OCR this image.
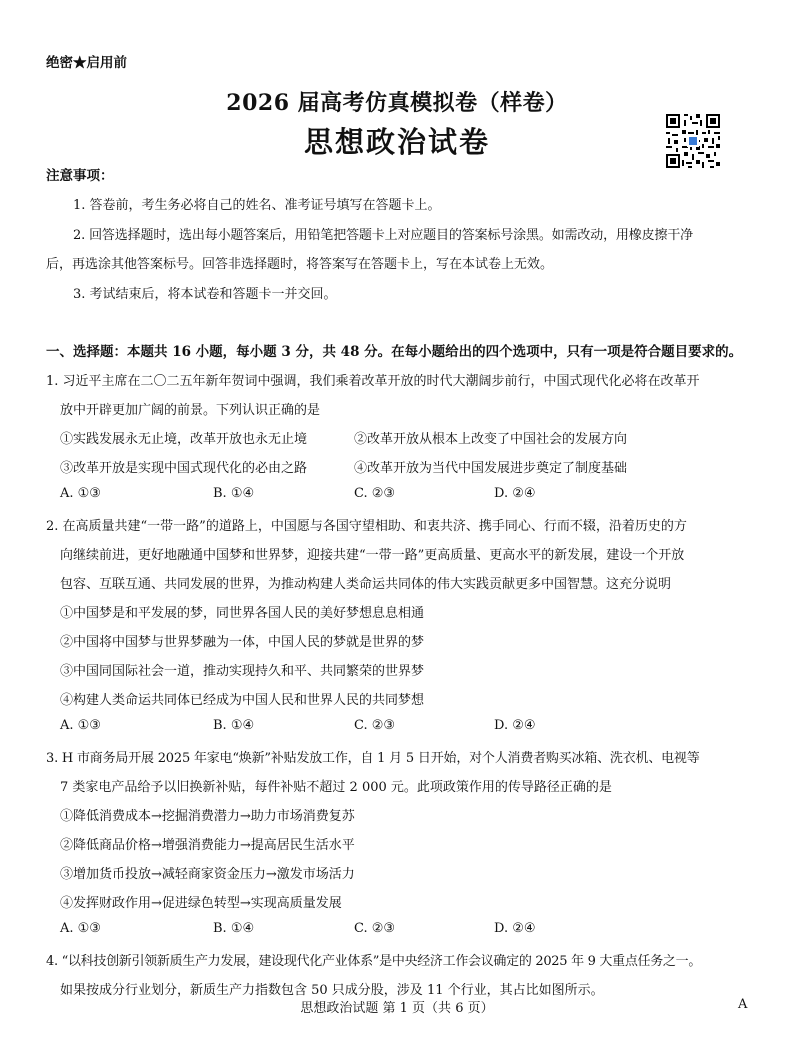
绝密★启用前
2026 届高考仿真模拟卷（样卷）
思想政治试卷
注意事项：
1. 答卷前，考生务必将自己的姓名、准考证号填写在答题卡上。
2. 回答选择题时，选出每小题答案后，用铅笔把答题卡上对应题目的答案标号涂黑。如需改动，用橡皮擦干净
后，再选涂其他答案标号。回答非选择题时，将答案写在答题卡上，写在本试卷上无效。
3. 考试结束后，将本试卷和答题卡一并交回。
一、选择题：本题共 16 小题，每小题 3 分，共 48 分。在每小题给出的四个选项中，只有一项是符合题目要求的。
1. 习近平主席在二〇二五年新年贺词中强调，我们乘着改革开放的时代大潮阔步前行，中国式现代化必将在改革开
放中开辟更加广阔的前景。下列认识正确的是
①实践发展永无止境，改革开放也永无止境	②改革开放从根本上改变了中国社会的发展方向
③改革开放是实现中国式现代化的必由之路	④改革开放为当代中国发展进步奠定了制度基础
A. ①③	B. ①④	C. ②③	D. ②④
2. 在高质量共建“一带一路”的道路上，中国愿与各国守望相助、和衷共济、携手同心、行而不辍，沿着历史的方
向继续前进，更好地融通中国梦和世界梦，迎接共建“一带一路”更高质量、更高水平的新发展，建设一个开放
包容、互联互通、共同发展的世界，为推动构建人类命运共同体的伟大实践贡献更多中国智慧。这充分说明
①中国梦是和平发展的梦，同世界各国人民的美好梦想息息相通
②中国将中国梦与世界梦融为一体，中国人民的梦就是世界的梦
③中国同国际社会一道，推动实现持久和平、共同繁荣的世界梦
④构建人类命运共同体已经成为中国人民和世界人民的共同梦想
A. ①③	B. ①④	C. ②③	D. ②④
3. H 市商务局开展 2025 年家电“焕新”补贴发放工作，自 1 月 5 日开始，对个人消费者购买冰箱、洗衣机、电视等
7 类家电产品给予以旧换新补贴，每件补贴不超过 2 000 元。此项政策作用的传导路径正确的是
①降低消费成本→挖掘消费潜力→助力市场消费复苏
②降低商品价格→增强消费能力→提高居民生活水平
③增加货币投放→减轻商家资金压力→激发市场活力
④发挥财政作用→促进绿色转型→实现高质量发展
A. ①③	B. ①④	C. ②③	D. ②④
4. “以科技创新引领新质生产力发展，建设现代化产业体系”是中央经济工作会议确定的 2025 年 9 大重点任务之一。
如果按成分行业划分，新质生产力指数包含 50 只成分股，涉及 11 个行业，其占比如图所示。
思想政治试题 第 1 页（共 6 页）	A
